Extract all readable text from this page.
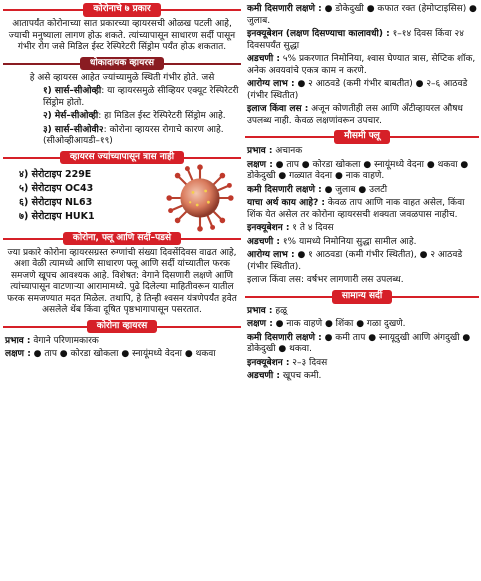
कोरोनाचे ७ प्रकार
आतापर्यंत कोरोनाच्या सात प्रकारच्या व्हायरसची ओळख पटली आहे, ज्याची मनुष्याला लागण होऊ शकते. त्यांच्यापासून साधारण सर्दी पासून गंभीर रोग जसे मिडिल ईस्ट रेस्पिरेटरी सिंड्रोम पर्यंत होऊ शकतात.
धोकादायक व्हायरस
हे असे व्हायरस आहेत ज्यांच्यामुळे स्थिती गंभीर होते. जसे
१) सार्स–सीओव्ही: या व्हायरसमुळे सीव्हियर एक्यूट रेस्पिरेटरी सिंड्रोम होतो.
२) मेर्स–सीओव्ही: हा मिडिल ईस्ट रेस्पिरेटरी सिंड्रोम आहे.
३) सार्स–सीओवी२: कोरोना व्हायरस रोगाचे कारण आहे. (सीओव्हीआयडी–१९)
व्हायरस ज्यांच्यापासून त्रास नाही
४) सेरोटाइप 229E
५) सेरोटाइप OC43
६) सेरोटाइप NL63
७) सेरोटाइप HUK1
कोरोना, फ्लू आणि सर्दी–पडसे
ज्या प्रकारे कोरोना व्हायरसग्रस्त रुग्णांची संख्या दिवसेंदिवस वाढत आहे, अशा वेळी त्यामध्ये आणि साधारण फ्लू आणि सर्दी यांच्यातील फरक समजणे खूपच आवश्यक आहे. विशेषत: वेगाने दिसणारी लक्षणे आणि त्यांच्यापासून वाटणाऱ्या आरामामध्ये. पुढे दिलेल्या माहितीवरून यातील फरक समजण्यात मदत मिळेल. तथापि, हे तिन्ही श्वसन यंत्रणेपर्यंत हवेत असलेले थेंब किंवा दूषित पृष्ठभागापासून पसरतात.
कोरोना व्हायरस
प्रभाव : वेगाने परिणामकारक
लक्षण : ● ताप ● कोरडा खोकला ● स्नायूंमध्ये वेदना ● थकवा
कमी दिसणारी लक्षणे : ● डोकेदुखी ● कफात रक्त (हेमोप्टाइसिस) ● जुलाब.
इनक्यूबेशन (लक्षण दिसण्याचा कालावधी) : १–१४ दिवस किंवा २४ दिवसपर्यंत सुद्धा
अडचणी : ५% प्रकरणात निमोनिया, श्वास घेण्यात त्रास, सेप्टिक शॉक, अनेक अवयवांचे एकत्र काम न करणे.
आरोग्य लाभ : ● २ आठवडे (कमी गंभीर बाबतीत) ● २–६ आठवडे (गंभीर स्थितीत)
इलाज किंवा लस : अजून कोणतीही लस आणि अँटीव्हायरल औषध उपलब्ध नाही. केवळ लक्षणांवरून उपचार.
मौसमी फ्लू
प्रभाव : अचानक
लक्षण : ● ताप ● कोरडा खोकला ● स्नायूंमध्ये वेदना ● थकवा ● डोकेदुखी ● गळ्यात वेदना ● नाक वाहणे.
कमी दिसणारी लक्षणे : ● जुलाब ● उलटी
याचा अर्थ काय आहे? : केवळ ताप आणि नाक वाहत असेल, किंवा शिंक येत असेल तर कोरोना व्हायरसची शक्यता जवळपास नाहीच.
इनक्यूबेशन : १ ते ४ दिवस
अडचणी : १% यामध्ये निमोनिया सुद्धा सामील आहे.
आरोग्य लाभ : ● १ आठवडा (कमी गंभीर स्थितीत), ● २ आठवडे (गंभीर स्थितीत).
इलाज किंवा लस: वर्षभर लागणारी लस उपलब्ध.
सामान्य सर्दी
प्रभाव : हळू
लक्षण : ● नाक वाहणे ● शिंका ● गळा दुखणे.
कमी दिसणारी लक्षणे : ● कमी ताप ● स्नायूदुखी आणि अंगदुखी ● डोकेदुखी ● थकवा.
इनक्यूबेशन : २–३ दिवस
अडचणी : खूपच कमी.
